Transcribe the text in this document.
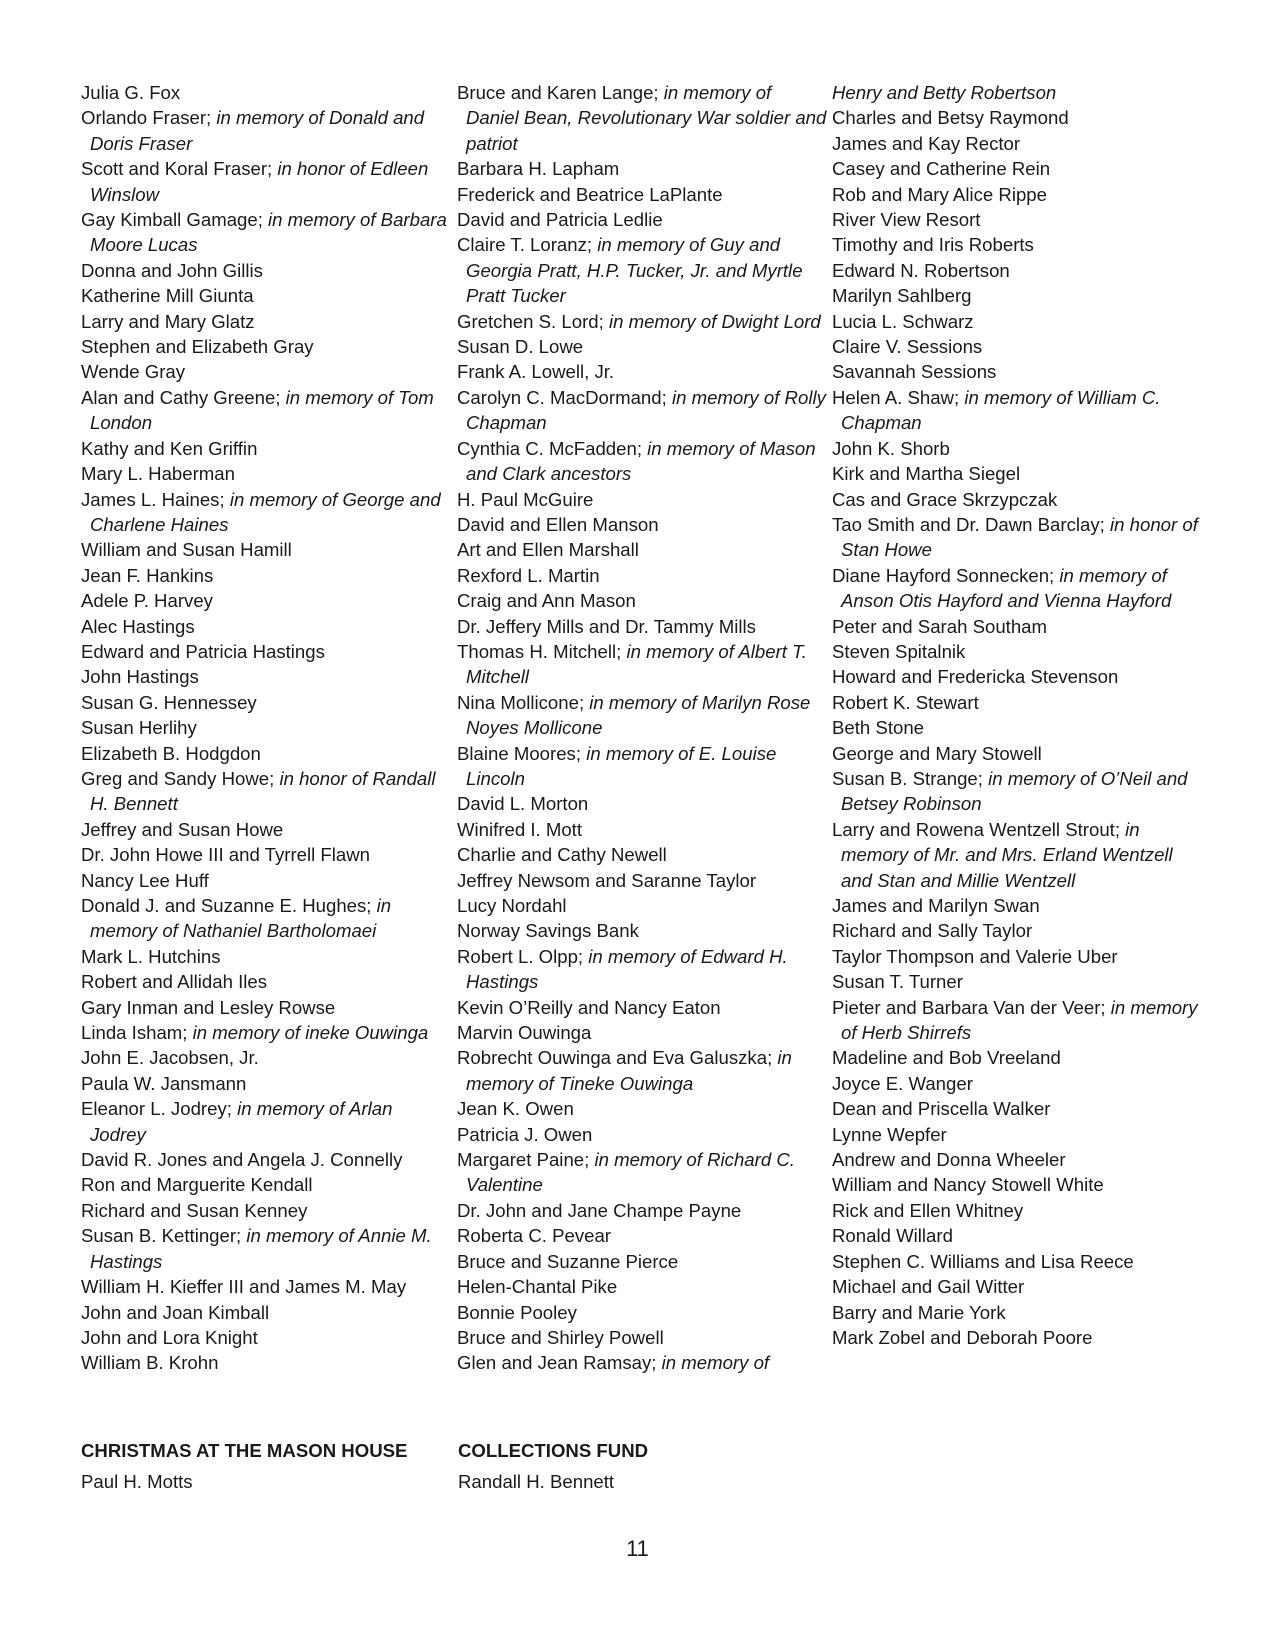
Julia G. Fox

Orlando Fraser; in memory of Donald and Doris Fraser

Scott and Koral Fraser; in honor of Edleen Winslow

Gay Kimball Gamage; in memory of Barbara Moore Lucas

Donna and John Gillis

Katherine Mill Giunta

Larry and Mary Glatz

Stephen and Elizabeth Gray

Wende Gray

Alan and Cathy Greene; in memory of Tom London

Kathy and Ken Griffin

Mary L. Haberman

James L. Haines; in memory of George and Charlene Haines

William and Susan Hamill

Jean F. Hankins

Adele P. Harvey

Alec Hastings

Edward and Patricia Hastings

John Hastings

Susan G. Hennessey

Susan Herlihy

Elizabeth B. Hodgdon

Greg and Sandy Howe; in honor of Randall H. Bennett

Jeffrey and Susan Howe

Dr. John Howe III and Tyrrell Flawn

Nancy Lee Huff

Donald J. and Suzanne E. Hughes; in memory of Nathaniel Bartholomaei

Mark L. Hutchins

Robert and Allidah Iles

Gary Inman and Lesley Rowse

Linda Isham; in memory of ineke Ouwinga

John E. Jacobsen, Jr.

Paula W. Jansmann

Eleanor L. Jodrey; in memory of Arlan Jodrey

David R. Jones and Angela J. Connelly

Ron and Marguerite Kendall

Richard and Susan Kenney

Susan B. Kettinger; in memory of Annie M. Hastings

William H. Kieffer III and James M. May

John and Joan Kimball

John and Lora Knight

William B. Krohn

Bruce and Karen Lange; in memory of Daniel Bean, Revolutionary War soldier and patriot

Barbara H. Lapham

Frederick and Beatrice LaPlante

David and Patricia Ledlie

Claire T. Loranz; in memory of Guy and Georgia Pratt, H.P. Tucker, Jr. and Myrtle Pratt Tucker

Gretchen S. Lord; in memory of Dwight Lord

Susan D. Lowe

Frank A. Lowell, Jr.

Carolyn C. MacDormand; in memory of Rolly Chapman

Cynthia C. McFadden; in memory of Mason and Clark ancestors

H. Paul McGuire

David and Ellen Manson

Art and Ellen Marshall

Rexford L. Martin

Craig and Ann Mason

Dr. Jeffery Mills and Dr. Tammy Mills

Thomas H. Mitchell; in memory of Albert T. Mitchell

Nina Mollicone; in memory of Marilyn Rose Noyes Mollicone

Blaine Moores; in memory of E. Louise Lincoln

David L. Morton

Winifred I. Mott

Charlie and Cathy Newell

Jeffrey Newsom and Saranne Taylor

Lucy Nordahl

Norway Savings Bank

Robert L. Olpp; in memory of Edward H. Hastings

Kevin O’Reilly and Nancy Eaton

Marvin Ouwinga

Robrecht Ouwinga and Eva Galuszka; in memory of Tineke Ouwinga

Jean K. Owen

Patricia J. Owen

Margaret Paine; in memory of Richard C. Valentine

Dr. John and Jane Champe Payne

Roberta C. Pevear

Bruce and Suzanne Pierce

Helen-Chantal Pike

Bonnie Pooley

Bruce and Shirley Powell

Glen and Jean Ramsay; in memory of

Henry and Betty Robertson

Charles and Betsy Raymond

James and Kay Rector

Casey and Catherine Rein

Rob and Mary Alice Rippe

River View Resort

Timothy and Iris Roberts

Edward N. Robertson

Marilyn Sahlberg

Lucia L. Schwarz

Claire V. Sessions

Savannah Sessions

Helen A. Shaw; in memory of William C. Chapman

John K. Shorb

Kirk and Martha Siegel

Cas and Grace Skrzypczak

Tao Smith and Dr. Dawn Barclay; in honor of Stan Howe

Diane Hayford Sonnecken; in memory of Anson Otis Hayford and Vienna Hayford

Peter and Sarah Southam

Steven Spitalnik

Howard and Fredericka Stevenson

Robert K. Stewart

Beth Stone

George and Mary Stowell

Susan B. Strange; in memory of O’Neil and Betsey Robinson

Larry and Rowena Wentzell Strout; in memory of Mr. and Mrs. Erland Wentzell and Stan and Millie Wentzell

James and Marilyn Swan

Richard and Sally Taylor

Taylor Thompson and Valerie Uber

Susan T. Turner

Pieter and Barbara Van der Veer; in memory of Herb Shirrefs

Madeline and Bob Vreeland

Joyce E. Wanger

Dean and Priscella Walker

Lynne Wepfer

Andrew and Donna Wheeler

William and Nancy Stowell White

Rick and Ellen Whitney

Ronald Willard

Stephen C. Williams and Lisa Reece

Michael and Gail Witter

Barry and Marie York

Mark Zobel and Deborah Poore

CHRISTMAS AT THE MASON HOUSE

Paul H. Motts

COLLECTIONS FUND

Randall H. Bennett

11
